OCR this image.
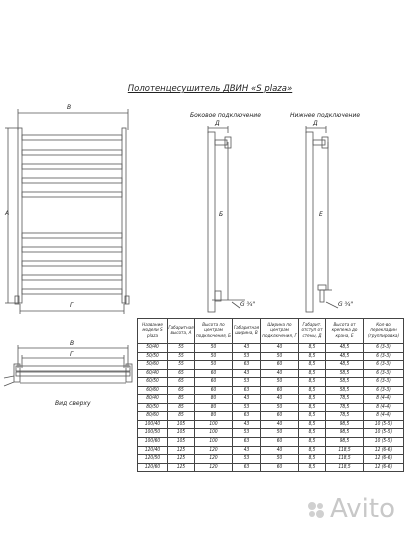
Полотенцесушитель ДВИН «S plaza»
В
А
Г
Боковое подключение
Д
Б
G ¾"
Нижнее подключение
Д
Е
G ¾"
В
Г
Вид сверху
Название модели S plaza	Габаритная высота, А	Высота по центрам подключения, Б	Габаритная ширина, В	Ширина по центрам подключения, Г	Габарит. отступ от стены, Д	Высота от крепежа до крана, Е	Кол-во перекладин (группировка)
50/40	55	50	43	40	8,5	48,5	6 (3-3)
50/50	55	50	53	50	8,5	48,5	6 (3-3)
50/60	55	50	63	60	8,5	48,5	6 (3-3)
60/40	65	60	43	40	8,5	58,5	6 (3-3)
60/50	65	60	53	50	8,5	58,5	6 (3-3)
60/60	65	60	63	60	8,5	58,5	6 (3-3)
80/40	85	80	43	40	8,5	78,5	8 (4-4)
80/50	85	80	53	50	8,5	78,5	8 (4-4)
80/60	85	80	63	60	8,5	78,5	8 (4-4)
100/40	105	100	43	40	8,5	98,5	10 (5-5)
100/50	105	100	53	50	8,5	98,5	10 (5-5)
100/60	105	100	63	60	8,5	98,5	10 (5-5)
120/40	125	120	43	40	8,5	118,5	12 (6-6)
120/50	125	120	53	50	8,5	118,5	12 (6-6)
120/60	125	120	63	60	8,5	118,5	12 (6-6)
Avito
